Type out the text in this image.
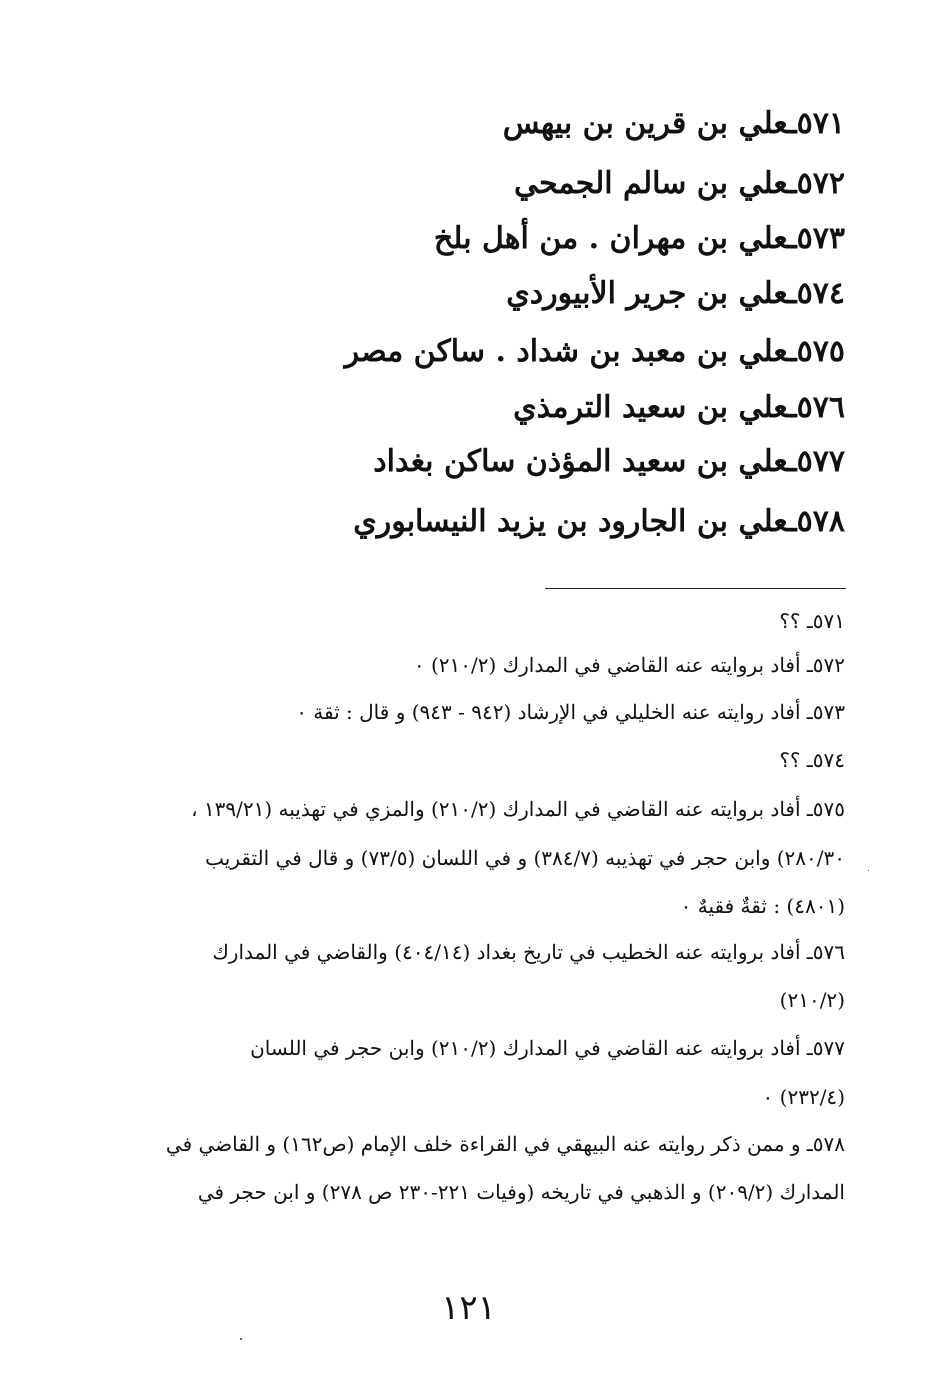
٥٧١ـعلي بن قرين بن بيهس
٥٧٢ـعلي بن سالم الجمحي
٥٧٣ـعلي بن مهران . من أهل بلخ
٥٧٤ـعلي بن جرير الأبيوردي
٥٧٥ـعلي بن معبد بن شداد . ساكن مصر
٥٧٦ـعلي بن سعيد الترمذي
٥٧٧ـعلي بن سعيد المؤذن ساكن بغداد
٥٧٨ـعلي بن الجارود بن يزيد النيسابوري
٥٧١ـ ؟؟
٥٧٢ـ أفاد بروايته عنه القاضي في المدارك (٢١٠/٢) ٠
٥٧٣ـ أفاد روايته عنه الخليلي في الإرشاد (٩٤٢ - ٩٤٣) و قال : ثقة ٠
٥٧٤ـ ؟؟
٥٧٥ـ أفاد بروايته عنه القاضي في المدارك (٢١٠/٢) والمزي في تهذيبه (١٣٩/٢١ ،
٢٨٠/٣٠) وابن حجر في تهذيبه (٣٨٤/٧) و في اللسان (٧٣/٥) و قال في التقريب
(٤٨٠١) : ثقةٌ فقيهٌ ٠
٥٧٦ـ أفاد بروايته عنه الخطيب في تاريخ بغداد (٤٠٤/١٤) والقاضي في المدارك
(٢١٠/٢)
٥٧٧ـ أفاد بروايته عنه القاضي في المدارك (٢١٠/٢) وابن حجر في اللسان
(٢٣٢/٤) ٠
٥٧٨ـ و ممن ذكر روايته عنه البيهقي في القراءة خلف الإمام (ص١٦٢) و القاضي في
المدارك (٢٠٩/٢) و الذهبي في تاريخه (وفيات ٢٢١-٢٣٠ ص ٢٧٨) و ابن حجر في
١٢١
